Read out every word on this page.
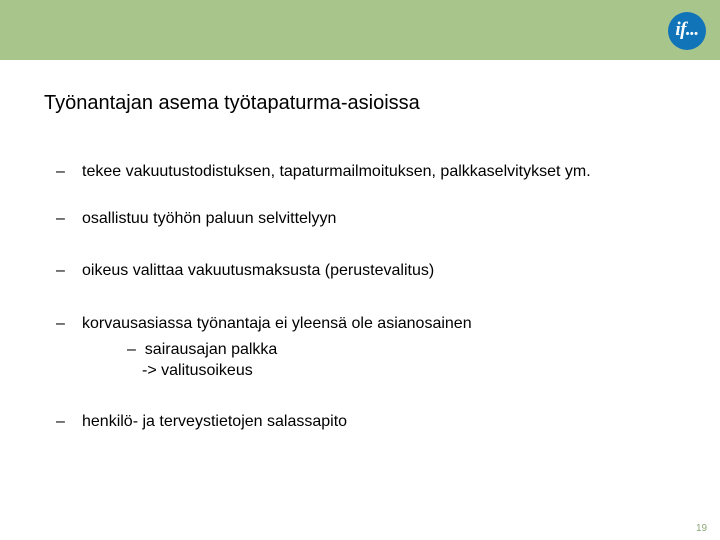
if...
Työnantajan asema työtapaturma-asioissa
– tekee vakuutustodistuksen, tapaturmailmoituksen, palkkaselvitykset ym.
– osallistuu työhön paluun selvittelyyn
– oikeus valittaa vakuutusmaksusta (perustevalitus)
– korvausasiassa työnantaja ei yleensä ole asianosainen
– sairausajan palkka
-> valitusoikeus
– henkilö- ja terveystietojen salassapito
19
